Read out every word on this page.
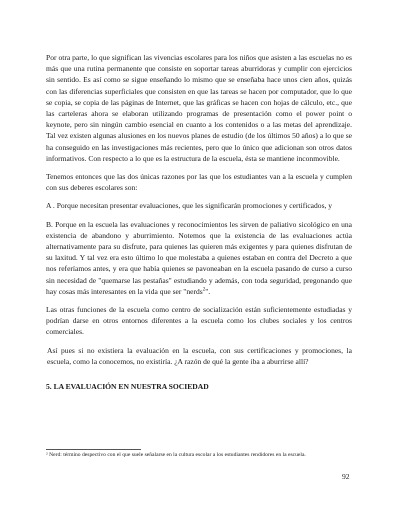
Por otra parte, lo que significan las vivencias escolares para los niños que asisten a las escuelas no es más que una rutina permanente que consiste en soportar tareas aburridoras y cumplir con ejercicios sin sentido. Es así como se sigue enseñando lo mismo que se enseñaba hace unos cien años, quizás con las diferencias superficiales que consisten en que las tareas se hacen por computador, que lo que se copia, se copia de las páginas de Internet, que las gráficas se hacen con hojas de cálculo, etc., que las carteleras ahora se elaboran utilizando programas de presentación como el power point o keynote, pero sin ningún cambio esencial en cuanto a los contenidos o a las metas del aprendizaje. Tal vez existen algunas alusiones en los nuevos planes de estudio (de los últimos 50 años) a lo que se ha conseguido en las investigaciones más recientes, pero que lo único que adicionan son otros datos informativos. Con respecto a lo que es la estructura de la escuela, ésta se mantiene inconmovible.

Tenemos entonces que las dos únicas razones por las que los estudiantes van a la escuela y cumplen con sus deberes escolares son:

A . Porque necesitan presentar evaluaciones, que les significarán promociones y certificados, y

B. Porque en la escuela las evaluaciones y reconocimientos les sirven de paliativo sicológico en una existencia de abandono y aburrimiento. Notemos que la existencia de las evaluaciones actúa alternativamente para su disfrute, para quienes las quieren más exigentes y para quienes disfrutan de su laxitud. Y tal vez era esto último lo que molestaba a quienes estaban en contra del Decreto a que nos referíamos antes, y era que había quienes se pavoneaban en la escuela pasando de curso a curso sin necesidad de "quemarse las pestañas" estudiando y además, con toda seguridad, pregonando que hay cosas más interesantes en la vida que ser "nerds$^2$".

Las otras funciones de la escuela como centro de socialización están suficientemente estudiadas y podrían darse en otros entornos diferentes a la escuela como los clubes sociales y los centros comerciales.

Así pues si no existiera la evaluación en la escuela, con sus certificaciones y promociones, la escuela, como la conocemos, no existiría. ¿A razón de qué la gente iba a aburrirse allí?

5. LA EVALUACIÓN EN NUESTRA SOCIEDAD

² Nerd: término despectivo con el que suele señalarse en la cultura escolar a los estudiantes rendidores en la escuela.

92
